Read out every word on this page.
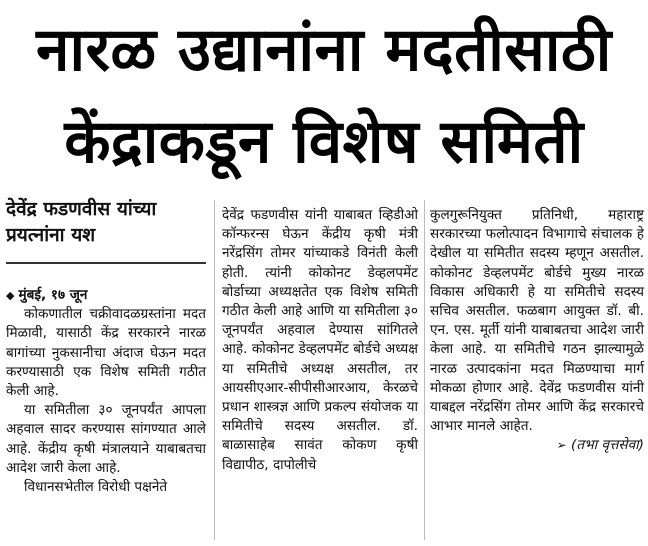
नारळ उद्यानांना मदतीसाठी
केंद्राकडून विशेष समिती
देवेंद्र फडणवीस यांच्या प्रयत्नांना यश

◆ मुंबई, १७ जून

कोकणातील चक्रीवादळग्रस्तांना मदत मिळावी, यासाठी केंद्र सरकारने नारळ बागांच्या नुकसानीचा अंदाज घेऊन मदत करण्यासाठी एक विशेष समिती गठीत केली आहे.

या समितीला ३० जूनपर्यंत आपला अहवाल सादर करण्यास सांगण्यात आले आहे. केंद्रीय कृषी मंत्रालयाने याबाबतचा आदेश जारी केला आहे.

विधानसभेतील विरोधी पक्षनेते

देवेंद्र फडणवीस यांनी याबाबत व्हिडीओ कॉन्फरन्स घेऊन केंद्रीय कृषी मंत्री नरेंद्रसिंग तोमर यांच्याकडे विनंती केली होती. त्यांनी कोकोनट डेव्हलपमेंट बोर्डाच्या अध्यक्षतेत एक विशेष समिती गठीत केली आहे आणि या समितीला ३० जूनपर्यंत अहवाल देण्यास सांगितले आहे. कोकोनट डेव्हलपमेंट बोर्डचे अध्यक्ष या समितीचे अध्यक्ष असतील, तर आयसीएआर-सीपीसीआरआय, केरळचे प्रधान शास्त्रज्ञ आणि प्रकल्प संयोजक या समितीचे सदस्य असतील. डॉ. बाळासाहेब सावंत कोकण कृषी विद्यापीठ, दापोलीचे

कुलगुरूनियुक्त प्रतिनिधी, महाराष्ट्र सरकारच्या फलोत्पादन विभागाचे संचालक हे देखील या समितीत सदस्य म्हणून असतील. कोकोनट डेव्हलपमेंट बोर्डचे मुख्य नारळ विकास अधिकारी हे या समितीचे सदस्य सचिव असतील. फळबाग आयुक्त डॉ. बी. एन. एस. मूर्ती यांनी याबाबतचा आदेश जारी केला आहे. या समितीचे गठन झाल्यामुळे नारळ उत्पादकांना मदत मिळण्याचा मार्ग मोकळा होणार आहे. देवेंद्र फडणवीस यांनी याबद्दल नरेंद्रसिंग तोमर आणि केंद्र सरकारचे आभार मानले आहेत.

➢ (तभा वृत्तसेवा)
